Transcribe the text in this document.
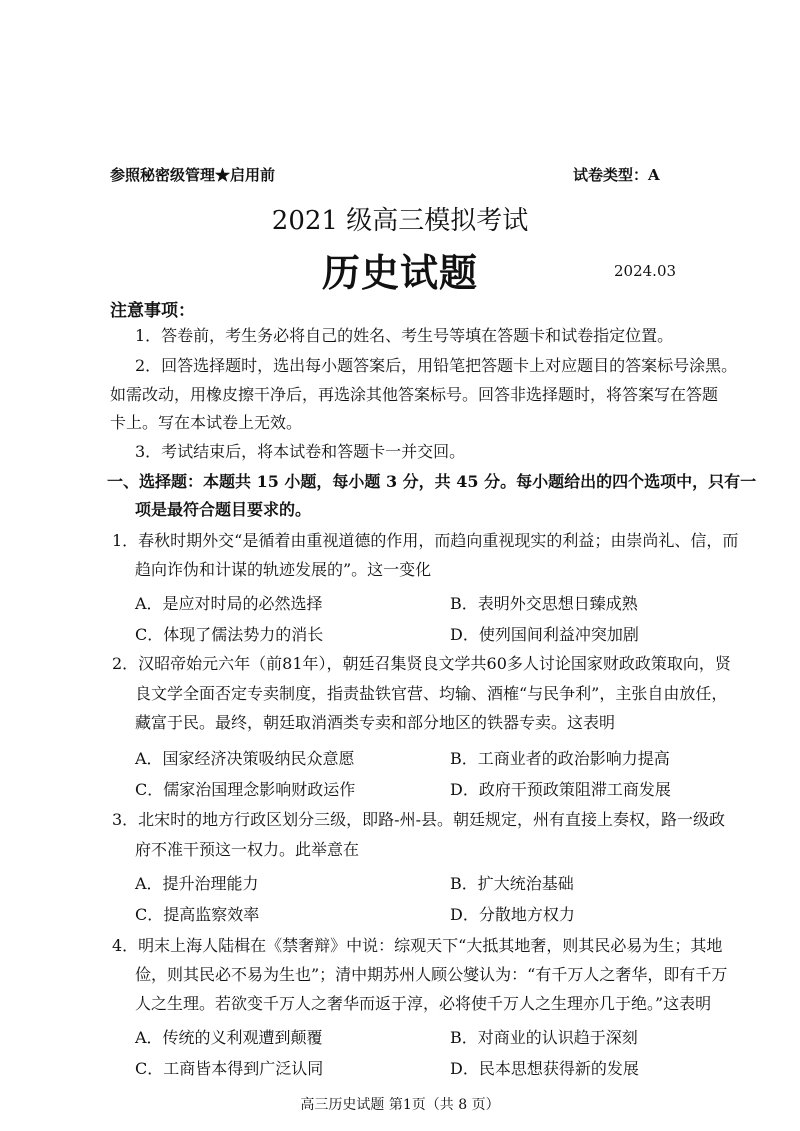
参照秘密级管理★启用前	试卷类型：A
2021 级高三模拟考试
历史试题	2024.03
注意事项：
1．答卷前，考生务必将自己的姓名、考生号等填在答题卡和试卷指定位置。
2．回答选择题时，选出每小题答案后，用铅笔把答题卡上对应题目的答案标号涂黑。
如需改动，用橡皮擦干净后，再选涂其他答案标号。回答非选择题时，将答案写在答题
卡上。写在本试卷上无效。
3．考试结束后，将本试卷和答题卡一并交回。
一、选择题：本题共 15 小题，每小题 3 分，共 45 分。每小题给出的四个选项中，只有一
项是最符合题目要求的。
1．春秋时期外交“是循着由重视道德的作用，而趋向重视现实的利益；由崇尚礼、信，而
趋向诈伪和计谋的轨迹发展的”。这一变化
A．是应对时局的必然选择	B．表明外交思想日臻成熟
C．体现了儒法势力的消长	D．使列国间利益冲突加剧
2．汉昭帝始元六年（前81年），朝廷召集贤良文学共60多人讨论国家财政政策取向，贤
良文学全面否定专卖制度，指责盐铁官营、均输、酒榷“与民争利”，主张自由放任，
藏富于民。最终，朝廷取消酒类专卖和部分地区的铁器专卖。这表明
A．国家经济决策吸纳民众意愿	B．工商业者的政治影响力提高
C．儒家治国理念影响财政运作	D．政府干预政策阻滞工商发展
3．北宋时的地方行政区划分三级，即路-州-县。朝廷规定，州有直接上奏权，路一级政
府不准干预这一权力。此举意在
A．提升治理能力	B．扩大统治基础
C．提高监察效率	D．分散地方权力
4．明末上海人陆楫在《禁奢辩》中说：综观天下“大抵其地奢，则其民必易为生；其地
俭，则其民必不易为生也”；清中期苏州人顾公燮认为：“有千万人之奢华，即有千万
人之生理。若欲变千万人之奢华而返于淳，必将使千万人之生理亦几于绝。”这表明
A．传统的义利观遭到颠覆	B．对商业的认识趋于深刻
C．工商皆本得到广泛认同	D．民本思想获得新的发展
高三历史试题 第1页（共 8 页）
